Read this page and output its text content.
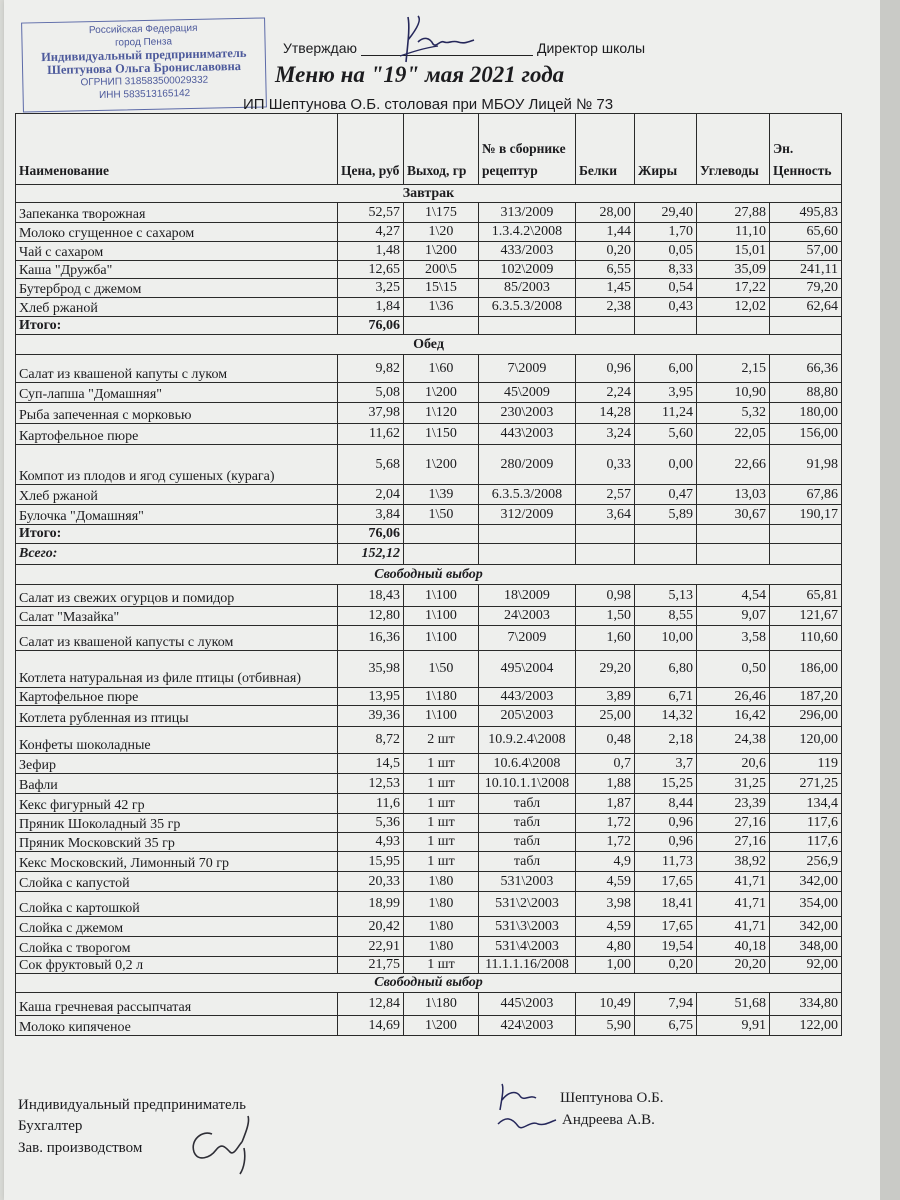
Российская Федерация
город Пенза
Индивидуальный предприниматель
Шептунова Ольга Брониславовна
ОГРНИП 318583500029332
ИНН 583513165142
Утверждаю	Директор школы
Меню на "19" мая 2021 года
ИП Шептунова О.Б. столовая при МБОУ Лицей № 73
Наименование	Цена, руб	Выход, гр	№ в сборнике рецептур	Белки	Жиры	Углеводы	Эн. Ценность

Завтрак							
Запеканка творожная	52,57	1\175	313/2009	28,00	29,40	27,88	495,83
Молоко сгущенное с сахаром	4,27	1\20	1.3.4.2\2008	1,44	1,70	11,10	65,60
Чай с сахаром	1,48	1\200	433/2003	0,20	0,05	15,01	57,00
Каша "Дружба"	12,65	200\5	102\2009	6,55	8,33	35,09	241,11
Бутерброд с джемом	3,25	15\15	85/2003	1,45	0,54	17,22	79,20
Хлеб ржаной	1,84	1\36	6.3.5.3/2008	2,38	0,43	12,02	62,64
Итого:	76,06						
Обед							
Салат из квашеной капуты с луком	9,82	1\60	7\2009	0,96	6,00	2,15	66,36
Суп-лапша "Домашняя"	5,08	1\200	45\2009	2,24	3,95	10,90	88,80
Рыба запеченная с морковью	37,98	1\120	230\2003	14,28	11,24	5,32	180,00
Картофельное пюре	11,62	1\150	443\2003	3,24	5,60	22,05	156,00
Компот из плодов и ягод сушеных (курага)	5,68	1\200	280/2009	0,33	0,00	22,66	91,98
Хлеб ржаной	2,04	1\39	6.3.5.3/2008	2,57	0,47	13,03	67,86
Булочка "Домашняя"	3,84	1\50	312/2009	3,64	5,89	30,67	190,17
Итого:	76,06						
Всего:	152,12						
Свободный выбор							
Салат из свежих огурцов и помидор	18,43	1\100	18\2009	0,98	5,13	4,54	65,81
Салат "Мазайка"	12,80	1\100	24\2003	1,50	8,55	9,07	121,67
Салат из квашеной капусты с луком	16,36	1\100	7\2009	1,60	10,00	3,58	110,60
Котлета натуральная из филе птицы (отбивная)	35,98	1\50	495\2004	29,20	6,80	0,50	186,00
Картофельное пюре	13,95	1\180	443/2003	3,89	6,71	26,46	187,20
Котлета рубленная из птицы	39,36	1\100	205\2003	25,00	14,32	16,42	296,00
Конфеты шоколадные	8,72	2 шт	10.9.2.4\2008	0,48	2,18	24,38	120,00
Зефир	14,5	1 шт	10.6.4\2008	0,7	3,7	20,6	119
Вафли	12,53	1 шт	10.10.1.1\2008	1,88	15,25	31,25	271,25
Кекс фигурный 42 гр	11,6	1 шт	табл	1,87	8,44	23,39	134,4
Пряник Шоколадный 35 гр	5,36	1 шт	табл	1,72	0,96	27,16	117,6
Пряник Московский 35 гр	4,93	1 шт	табл	1,72	0,96	27,16	117,6
Кекс Московский, Лимонный 70 гр	15,95	1 шт	табл	4,9	11,73	38,92	256,9
Слойка с капустой	20,33	1\80	531\2003	4,59	17,65	41,71	342,00
Слойка с картошкой	18,99	1\80	531\2\2003	3,98	18,41	41,71	354,00
Слойка с джемом	20,42	1\80	531\3\2003	4,59	17,65	41,71	342,00
Слойка с творогом	22,91	1\80	531\4\2003	4,80	19,54	40,18	348,00
Сок фруктовый 0,2 л	21,75	1 шт	11.1.1.16/2008	1,00	0,20	20,20	92,00
Свободный выбор							
Каша гречневая рассыпчатая	12,84	1\180	445\2003	10,49	7,94	51,68	334,80
Молоко кипяченое	14,69	1\200	424\2003	5,90	6,75	9,91	122,00
Индивидуальный предприниматель
Бухгалтер
Зав. производством
Шептунова О.Б.
Андреева А.В.
